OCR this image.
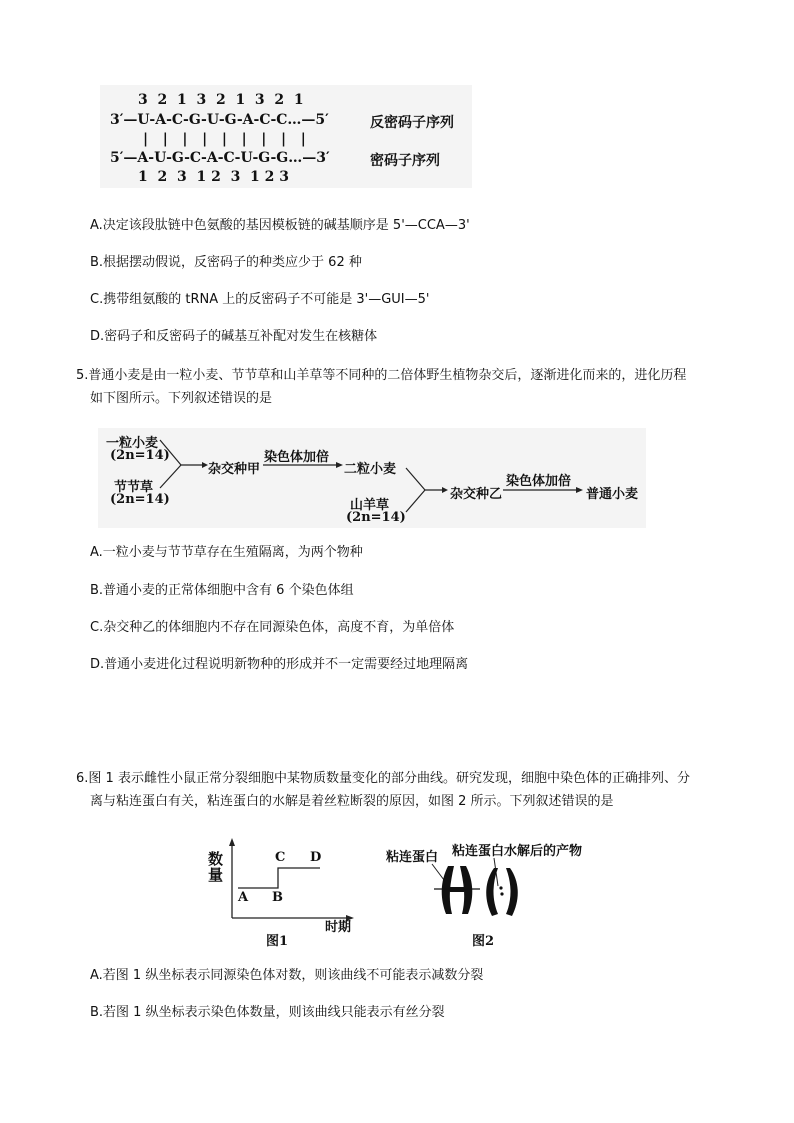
3  2  1  3  2  1  3  2  1
3′—U-A-C-G-U-G-A-C-C…—5′	反密码子序列
|   |   |   |   |   |   |   |   |
5′—A-U-G-C-A-C-U-G-G…—3′	密码子序列
1  2  3  1 2  3  1 2 3
A.决定该段肽链中色氨酸的基因模板链的碱基顺序是 5'—CCA—3'
B.根据摆动假说，反密码子的种类应少于 62 种
C.携带组氨酸的 tRNA 上的反密码子不可能是 3'—GUI—5'
D.密码子和反密码子的碱基互补配对发生在核糖体
5.普通小麦是由一粒小麦、节节草和山羊草等不同种的二倍体野生植物杂交后，逐渐进化而来的，进化历程
如下图所示。下列叙述错误的是
一粒小麦
(2n=14)
节节草
(2n=14)
杂交种甲
染色体加倍
二粒小麦
山羊草
(2n=14)
杂交种乙
染色体加倍
普通小麦
A.一粒小麦与节节草存在生殖隔离，为两个物种
B.普通小麦的正常体细胞中含有 6 个染色体组
C.杂交种乙的体细胞内不存在同源染色体，高度不育，为单倍体
D.普通小麦进化过程说明新物种的形成并不一定需要经过地理隔离
6.图 1 表示雌性小鼠正常分裂细胞中某物质数量变化的部分曲线。研究发现，细胞中染色体的正确排列、分
离与粘连蛋白有关，粘连蛋白的水解是着丝粒断裂的原因，如图 2 所示。下列叙述错误的是
数
量
A B
C D
时期
图1
粘连蛋白 粘连蛋白水解后的产物
图2
A.若图 1 纵坐标表示同源染色体对数，则该曲线不可能表示减数分裂
B.若图 1 纵坐标表示染色体数量，则该曲线只能表示有丝分裂
